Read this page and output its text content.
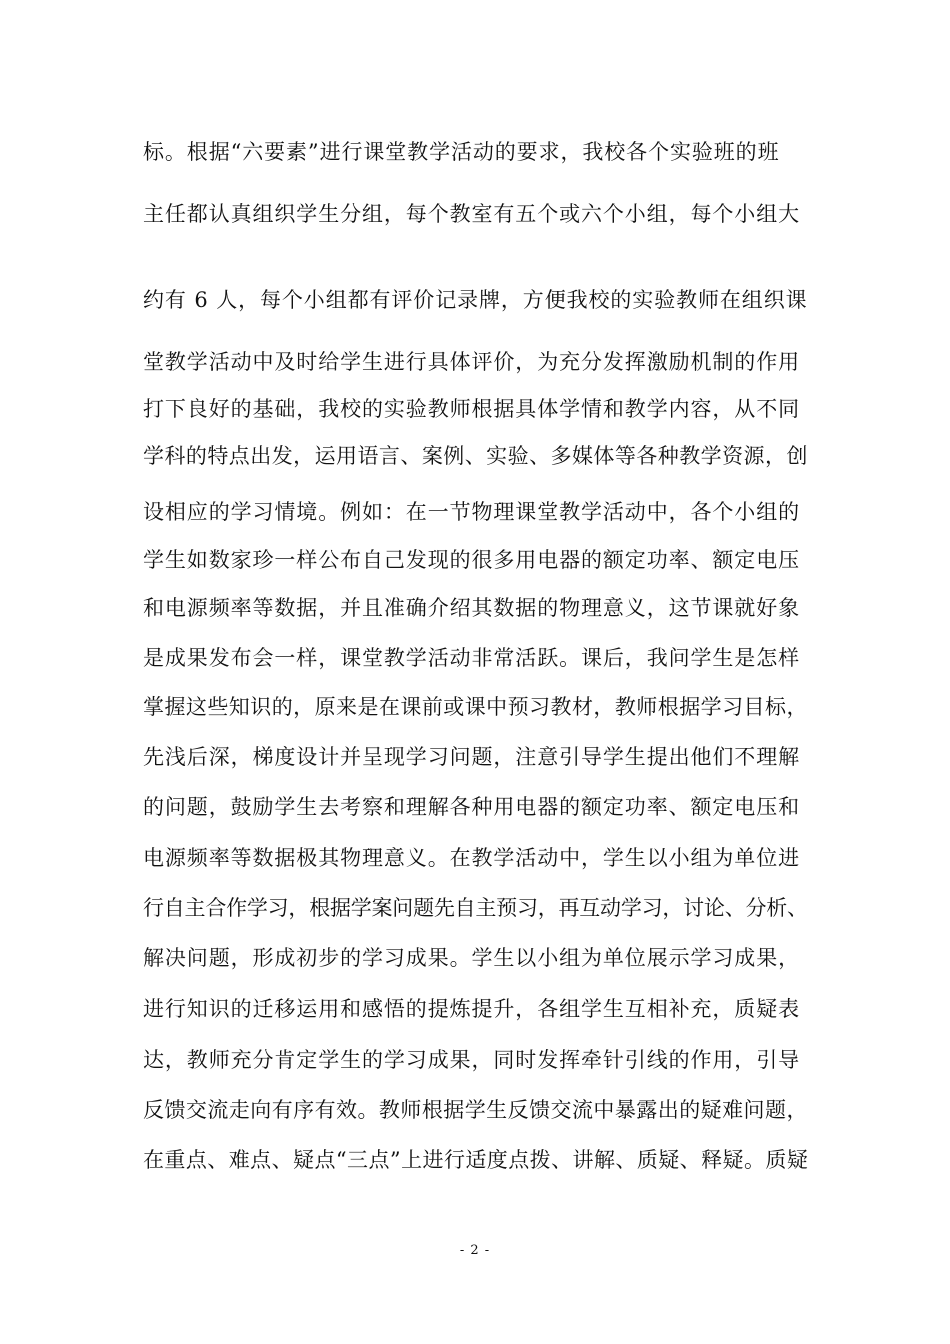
标。根据“六要素”进行课堂教学活动的要求，我校各个实验班的班
主任都认真组织学生分组，每个教室有五个或六个小组，每个小组大
约有 6 人，每个小组都有评价记录牌，方便我校的实验教师在组织课
堂教学活动中及时给学生进行具体评价，为充分发挥激励机制的作用
打下良好的基础，我校的实验教师根据具体学情和教学内容，从不同
学科的特点出发，运用语言、案例、实验、多媒体等各种教学资源，创
设相应的学习情境。例如：在一节物理课堂教学活动中，各个小组的
学生如数家珍一样公布自己发现的很多用电器的额定功率、额定电压
和电源频率等数据，并且准确介绍其数据的物理意义，这节课就好象
是成果发布会一样，课堂教学活动非常活跃。课后，我问学生是怎样
掌握这些知识的，原来是在课前或课中预习教材，教师根据学习目标，
先浅后深，梯度设计并呈现学习问题，注意引导学生提出他们不理解
的问题，鼓励学生去考察和理解各种用电器的额定功率、额定电压和
电源频率等数据极其物理意义。在教学活动中，学生以小组为单位进
行自主合作学习，根据学案问题先自主预习，再互动学习，讨论、分析、
解决问题，形成初步的学习成果。学生以小组为单位展示学习成果，
进行知识的迁移运用和感悟的提炼提升，各组学生互相补充，质疑表
达，教师充分肯定学生的学习成果，同时发挥牵针引线的作用，引导
反馈交流走向有序有效。教师根据学生反馈交流中暴露出的疑难问题，
在重点、难点、疑点“三点”上进行适度点拨、讲解、质疑、释疑。质疑
- 2 -
